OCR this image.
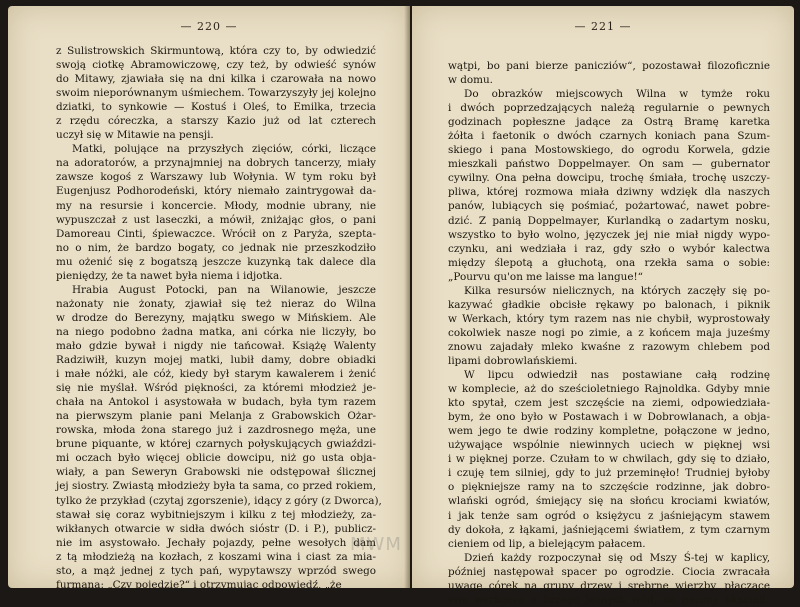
— 220 —
z Sulistrowskich Skirmuntową, która czy to, by odwiedzić
swoją ciotkę Abramowiczowę, czy też, by odwieść synów
do Mitawy, zjawiała się na dni kilka i czarowała na nowo
swoim nieporównanym uśmiechem. Towarzyszyły jej kolejno
dziatki, to synkowie — Kostuś i Oleś, to Emilka, trzecia
z rzędu córeczka, a starszy Kazio już od lat czterech
uczył się w Mitawie na pensji.
Matki, polujące na przyszłych zięciów, córki, liczące
na adoratorów, a przynajmniej na dobrych tancerzy, miały
zawsze kogoś z Warszawy lub Wołynia. W tym roku był
Eugenjusz Podhorodeński, który niemało zaintrygował da-
my na resursie i koncercie. Młody, modnie ubrany, nie
wypuszczał z ust laseczki, a mówił, zniżając głos, o pani
Damoreau Cinti, śpiewaczce. Wrócił on z Paryża, szepta-
no o nim, że bardzo bogaty, co jednak nie przeszkodziło
mu ożenić się z bogatszą jeszcze kuzynką tak dalece dla
pieniędzy, że ta nawet była niema i idjotka.
Hrabia August Potocki, pan na Wilanowie, jeszcze
nażonaty nie żonaty, zjawiał się też nieraz do Wilna
w drodze do Berezyny, majątku swego w Mińskiem. Ale
na niego podobno żadna matka, ani córka nie liczyły, bo
mało gdzie bywał i nigdy nie tańcował. Książę Walenty
Radziwiłł, kuzyn mojej matki, lubił damy, dobre obiadki
i małe nóżki, ale cóż, kiedy był starym kawalerem i żenić
się nie myślał. Wśród piękności, za któremi młodzież je-
chała na Antokol i asystowała w budach, była tym razem
na pierwszym planie pani Melanja z Grabowskich Ożar-
rowska, młoda żona starego już i zazdrosnego męża, une
brune piquante, w której czarnych połyskujących gwiaździ-
mi oczach było więcej oblicie dowcipu, niż go usta obja-
wiały, a pan Seweryn Grabowski nie odstępował ślicznej
jej siostry. Zwiastą młodzieży była ta sama, co przed rokiem,
tylko że przykład (czytaj zgorszenie), idący z góry (z Dworca),
stawał się coraz wybitniejszym i kilku z tej młodzieży, za-
wikłanych otwarcie w sidła dwóch sióstr (D. i P.), publicz-
nie im asystowało. Jechały pojazdy, pełne wesołych dam
z tą młodzieżą na kozłach, z koszami wina i ciast za mia-
sto, a mąż jednej z tych pań, wypytawszy wprzód swego
furmana: „Czy pojedzie?“ i otrzymując odpowiedź, „że
— 221 —
wątpi, bo pani bierze panicziów“, pozostawał filozoficznie
w domu.
Do obrazków miejscowych Wilna w tymże roku
i dwóch poprzedzających należą regularnie o pewnych
godzinach popłeszne jadące za Ostrą Bramę karetka
żółta i faetonik o dwóch czarnych koniach pana Szum-
skiego i pana Mostowskiego, do ogrodu Korwela, gdzie
mieszkali państwo Doppelmayer. On sam — gubernator
cywilny. Ona pełna dowcipu, trochę śmiała, trochę uszczy-
pliwa, której rozmowa miała dziwny wdzięk dla naszych
panów, lubiących się pośmiać, pożartować, nawet pobre-
dzić. Z panią Doppelmayer, Kurlandką o zadartym nosku,
wszystko to było wolno, języczek jej nie miał nigdy wypo-
czynku, ani wedziała i raz, gdy szło o wybór kalectwa
między ślepotą a głuchotą, ona rzekła sama o sobie:
„Pourvu qu'on me laisse ma langue!“
Kilka resursów nielicznych, na których zaczęły się po-
kazywać gładkie obcisłe rękawy po balonach, i piknik
w Werkach, który tym razem nas nie chybił, wyprostowały
cokolwiek nasze nogi po zimie, a z końcem maja juześmy
znowu zajadały mleko kwaśne z razowym chlebem pod
lipami dobrowlańskiemi.
W lipcu odwiedził nas postawiane całą rodzinę
w komplecie, aż do sześcioletniego Rajnoldka. Gdyby mnie
kto spytał, czem jest szczęście na ziemi, odpowiedziała-
bym, że ono było w Postawach i w Dobrowlanach, a obja-
wem jego te dwie rodziny kompletne, połączone w jedno,
używające wspólnie niewinnych uciech w pięknej wsi
i w pięknej porze. Czułam to w chwilach, gdy się to działo,
i czuję tem silniej, gdy to już przeminęło! Trudniej byłoby
o piękniejsze ramy na to szczęście rodzinne, jak dobro-
wlański ogród, śmiejący się na słońcu krociami kwiatów,
i jak tenże sam ogród o księżycu z jaśniejącym stawem
dy dokoła, z łąkami, jaśniejącemi światłem, z tym czarnym
cieniem od lip, a bielejącym pałacem.
Dzień każdy rozpoczynał się od Mszy Ś-tej w kaplicy,
później następował spacer po ogrodzie. Ciocia zwracała
uwagę córek na grupy drzew i srebrne wierzby, płaczące
swe warkocze u brzegu jasnych wód, na gazony aksamit-
MWM
